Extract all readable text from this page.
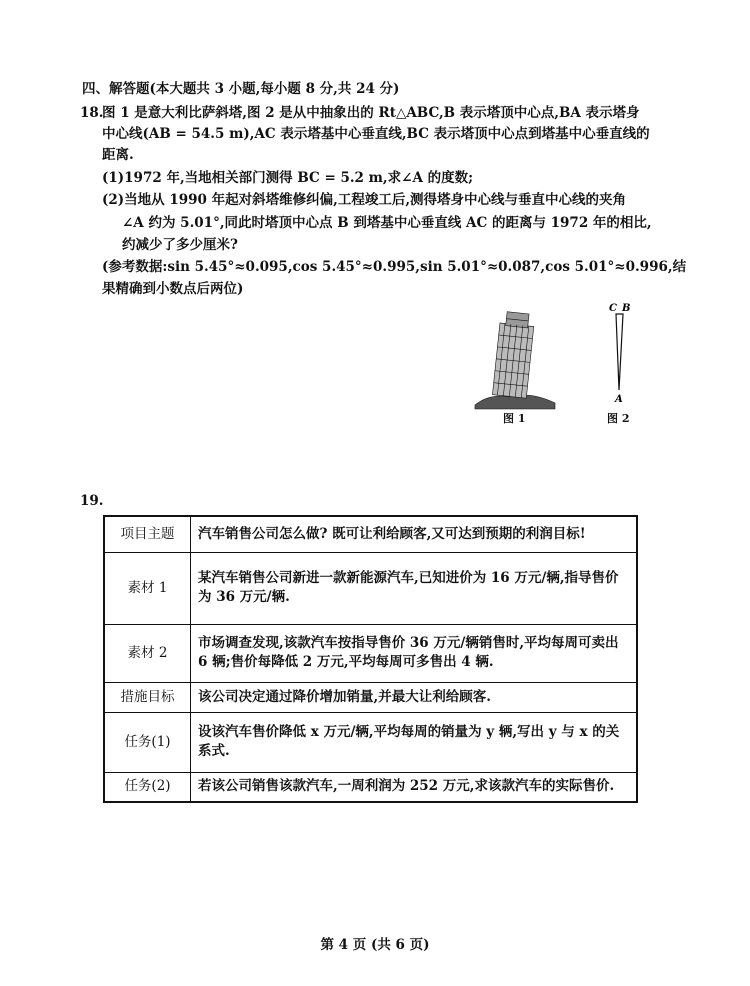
四、解答题(本大题共 3 小题,每小题 8 分,共 24 分)
18.
图 1 是意大利比萨斜塔,图 2 是从中抽象出的 Rt△ABC,B 表示塔顶中心点,BA 表示塔身
中心线(AB = 54.5 m),AC 表示塔基中心垂直线,BC 表示塔顶中心点到塔基中心垂直线的
距离.
(1)1972 年,当地相关部门测得 BC = 5.2 m,求∠A 的度数;
(2)当地从 1990 年起对斜塔维修纠偏,工程竣工后,测得塔身中心线与垂直中心线的夹角
∠A 约为 5.01°,同此时塔顶中心点 B 到塔基中心垂直线 AC 的距离与 1972 年的相比,
约减少了多少厘米?
(参考数据:sin 5.45°≈0.095,cos 5.45°≈0.995,sin 5.01°≈0.087,cos 5.01°≈0.996,结
果精确到小数点后两位)
图 1
C B
A
图 2
19.
项目主题	汽车销售公司怎么做? 既可让利给顾客,又可达到预期的利润目标!
素材 1	某汽车销售公司新进一款新能源汽车,已知进价为 16 万元/辆,指导售价为 36 万元/辆.
素材 2	市场调查发现,该款汽车按指导售价 36 万元/辆销售时,平均每周可卖出 6 辆;售价每降低 2 万元,平均每周可多售出 4 辆.
措施目标	该公司决定通过降价增加销量,并最大让利给顾客.
任务(1)	设该汽车售价降低 x 万元/辆,平均每周的销量为 y 辆,写出 y 与 x 的关系式.
任务(2)	若该公司销售该款汽车,一周利润为 252 万元,求该款汽车的实际售价.
第 4 页 (共 6 页)
